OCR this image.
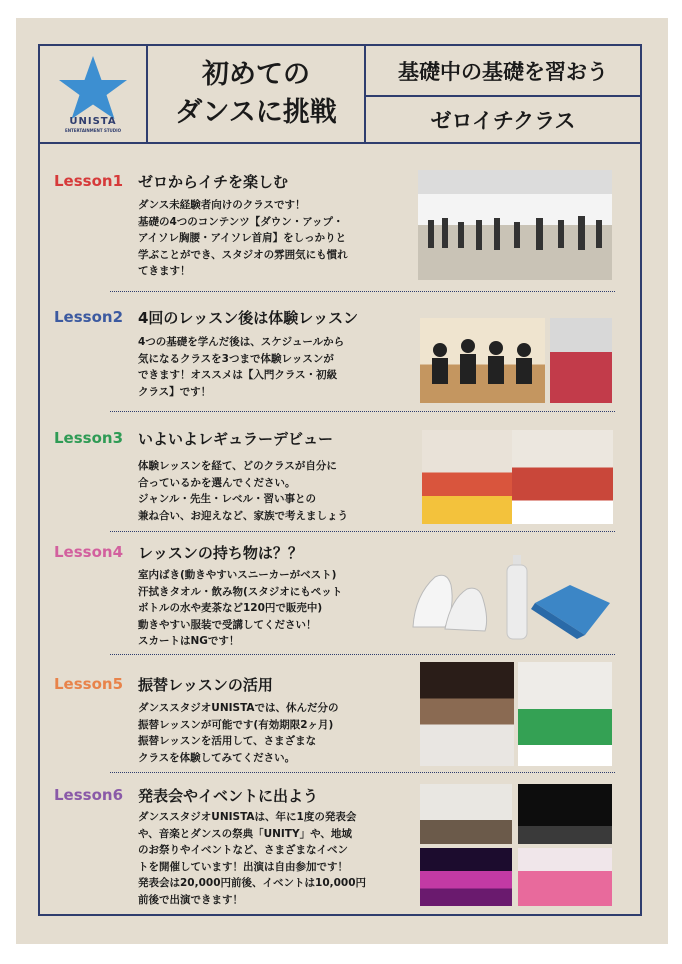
UNISTA
ENTERTAINMENT STUDIO
初めての
ダンスに挑戦
基礎中の基礎を習おう
ゼロイチクラス
Lesson1 ゼロからイチを楽しむ
ダンス未経験者向けのクラスです！
基礎の4つのコンテンツ【ダウン・アップ・
アイソレ胸腰・アイソレ首肩】をしっかりと
学ぶことができ、スタジオの雰囲気にも慣れ
てきます！
Lesson2 4回のレッスン後は体験レッスン
4つの基礎を学んだ後は、スケジュールから
気になるクラスを3つまで体験レッスンが
できます！オススメは【入門クラス・初級
クラス】です！
Lesson3 いよいよレギュラーデビュー
体験レッスンを経て、どのクラスが自分に
合っているかを選んでください。
ジャンル・先生・レベル・習い事との
兼ね合い、お迎えなど、家族で考えましょう
Lesson4 レッスンの持ち物は？？
室内ばき(動きやすいスニーカーがベスト)
汗拭きタオル・飲み物(スタジオにもペット
ボトルの水や麦茶など120円で販売中)
動きやすい服装で受講してください！
スカートはNGです！
Lesson5 振替レッスンの活用
ダンススタジオUNISTAでは、休んだ分の
振替レッスンが可能です(有効期限2ヶ月)
振替レッスンを活用して、さまざまな
クラスを体験してみてください。
Lesson6 発表会やイベントに出よう
ダンススタジオUNISTAは、年に1度の発表会
や、音楽とダンスの祭典「UNITY」や、地域
のお祭りやイベントなど、さまざまなイベン
トを開催しています！出演は自由参加です！
発表会は20,000円前後、イベントは10,000円
前後で出演できます！
